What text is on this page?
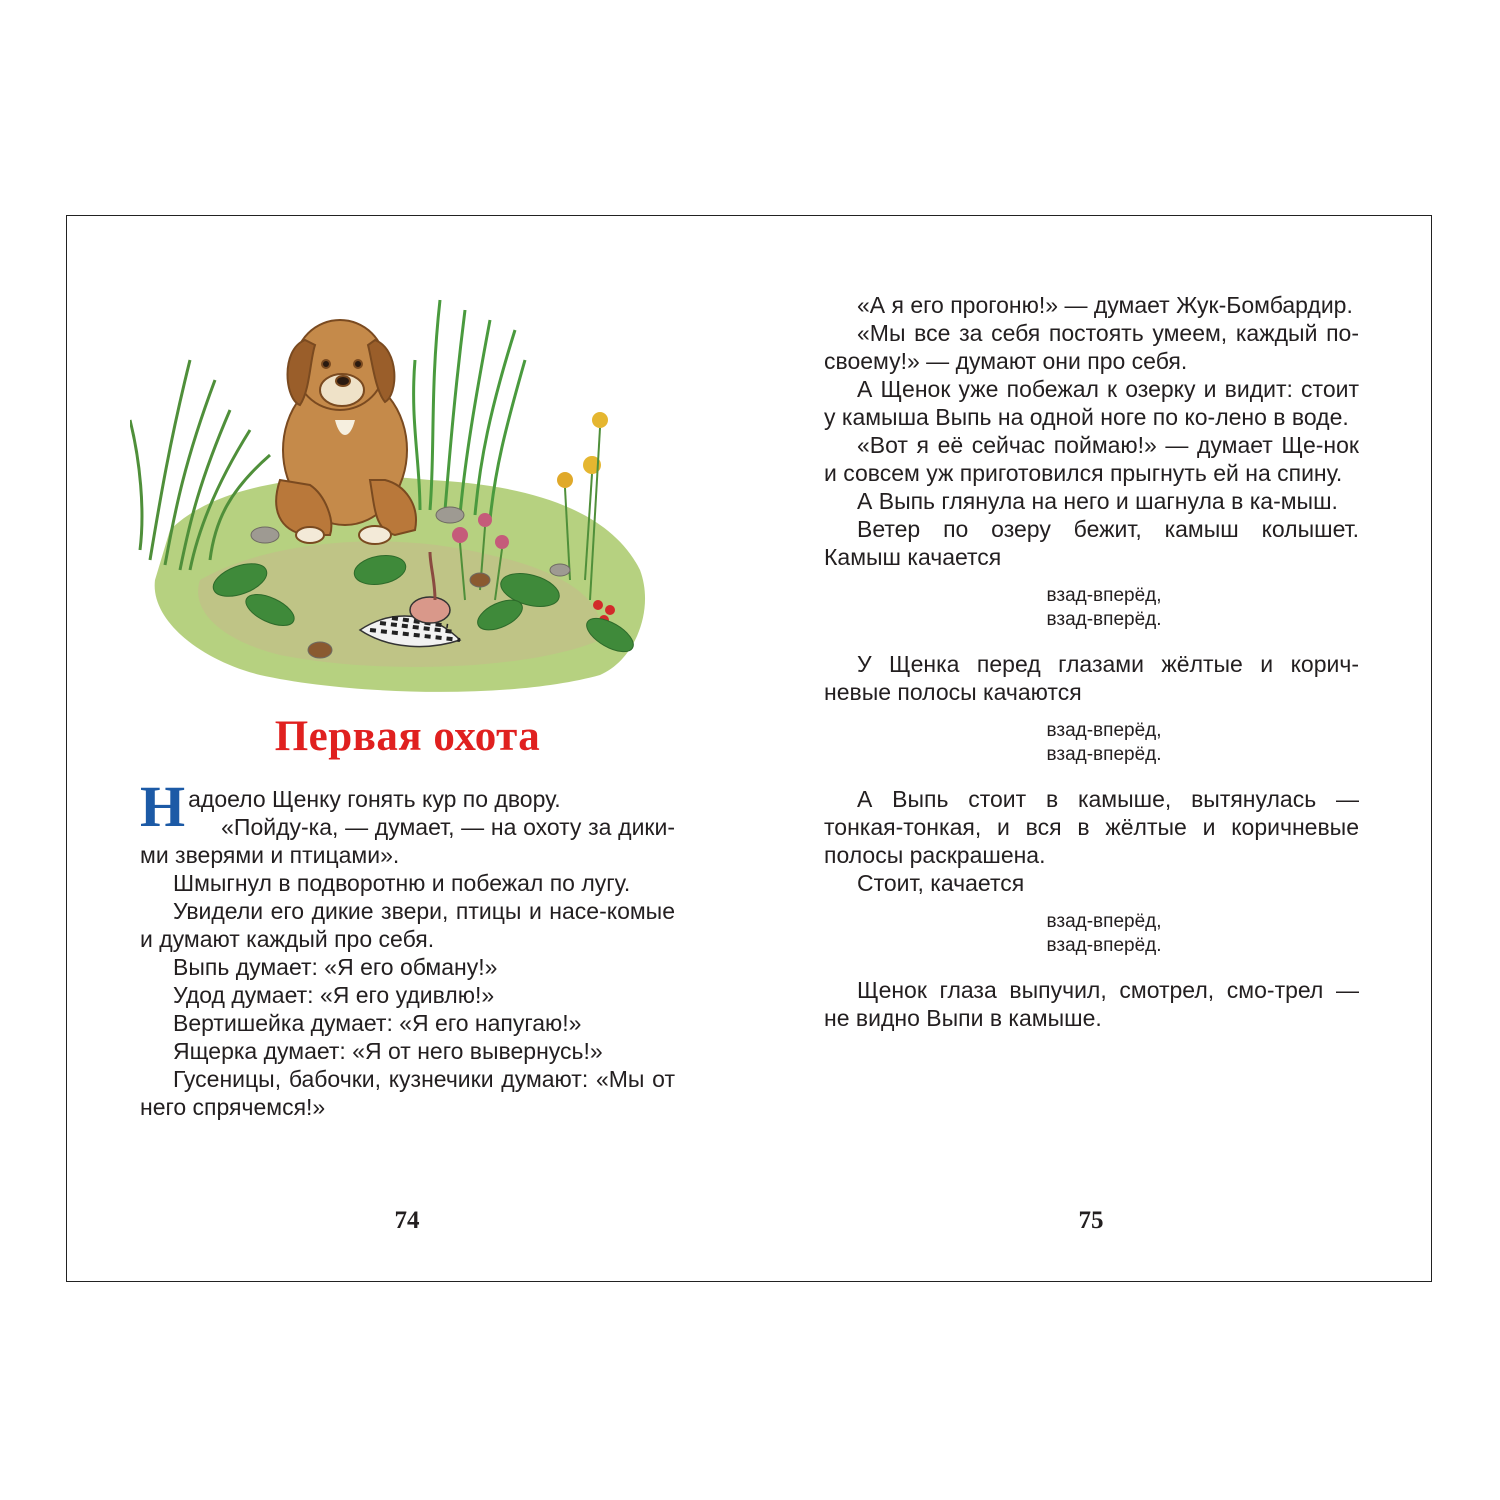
Первая охота

Надоело Щенку гонять кур по двору.

«Пойду-ка, — думает, — на охоту за дики-ми зверями и птицами».

Шмыгнул в подворотню и побежал по лугу.

Увидели его дикие звери, птицы и насе-комые и думают каждый про себя.

Выпь думает: «Я его обману!»

Удод думает: «Я его удивлю!»

Вертишейка думает: «Я его напугаю!»

Ящерка думает: «Я от него вывернусь!»

Гусеницы, бабочки, кузнечики думают: «Мы от него спрячемся!»

«А я его прогоню!» — думает Жук-Бомбардир.

«Мы все за себя постоять умеем, каждый по-своему!» — думают они про себя.

А Щенок уже побежал к озерку и видит: стоит у камыша Выпь на одной ноге по ко-лено в воде.

«Вот я её сейчас поймаю!» — думает Ще-нок и совсем уж приготовился прыгнуть ей на спину.

А Выпь глянула на него и шагнула в ка-мыш.

Ветер по озеру бежит, камыш колышет. Камыш качается

взад-вперёд,
взад-вперёд.

У Щенка перед глазами жёлтые и корич-невые полосы качаются

взад-вперёд,
взад-вперёд.

А Выпь стоит в камыше, вытянулась — тонкая-тонкая, и вся в жёлтые и коричневые полосы раскрашена.

Стоит, качается

взад-вперёд,
взад-вперёд.

Щенок глаза выпучил, смотрел, смо-трел — не видно Выпи в камыше.

74	75
